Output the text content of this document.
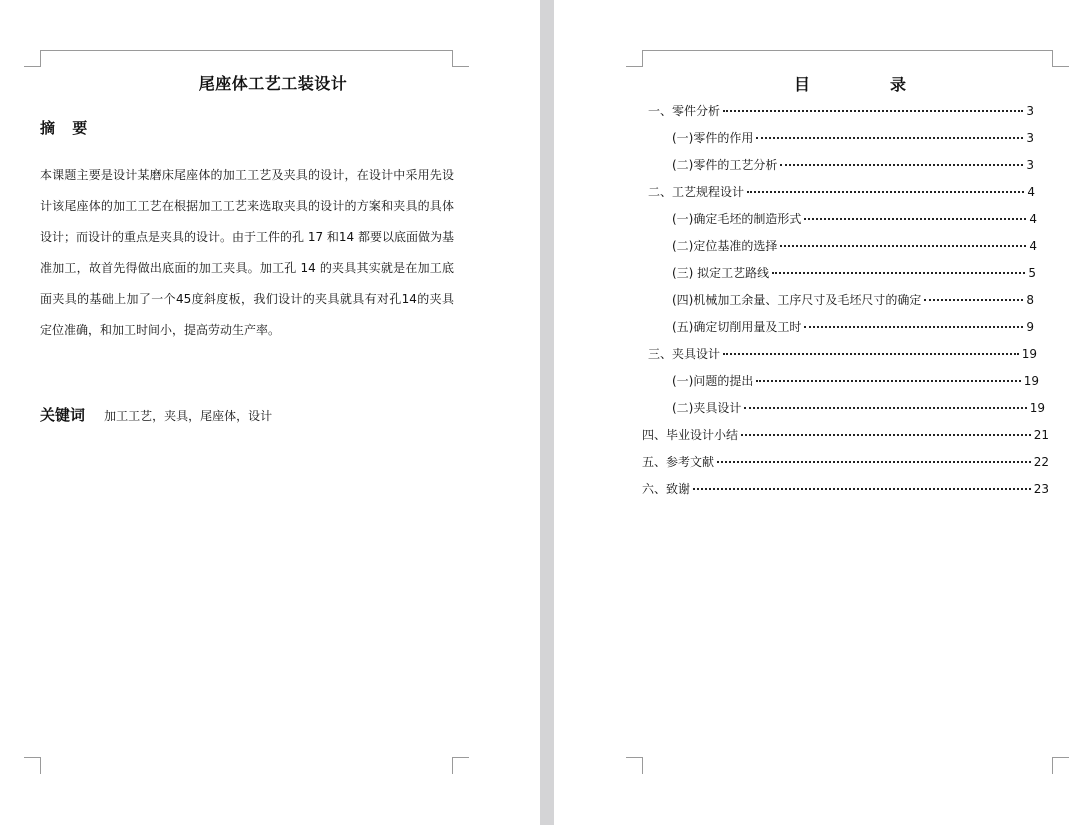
尾座体工艺工装设计
摘 要

本课题主要是设计某磨床尾座体的加工工艺及夹具的设计，在设计中采用先设计该尾座体的加工工艺在根据加工工艺来选取夹具的设计的方案和夹具的具体设计；而设计的重点是夹具的设计。由于工件的孔 17 和14 都要以底面做为基准加工，故首先得做出底面的加工夹具。加工孔 14 的夹具其实就是在加工底面夹具的基础上加了一个45度斜度板，我们设计的夹具就具有对孔14的夹具定位准确，和加工时间小，提高劳动生产率。

关键词 加工工艺，夹具，尾座体，设计
目	录
一、零件分析	3
(一)零件的作用	3
(二)零件的工艺分析	3
二、工艺规程设计	4
(一)确定毛坯的制造形式	4
(二)定位基准的选择	4
(三) 拟定工艺路线	5
(四)机械加工余量、工序尺寸及毛坯尺寸的确定	8
(五)确定切削用量及工时	9
三、夹具设计	19
(一)问题的提出	19
(二)夹具设计	19
四、毕业设计小结	21
五、参考文献	22
六、致谢	23
